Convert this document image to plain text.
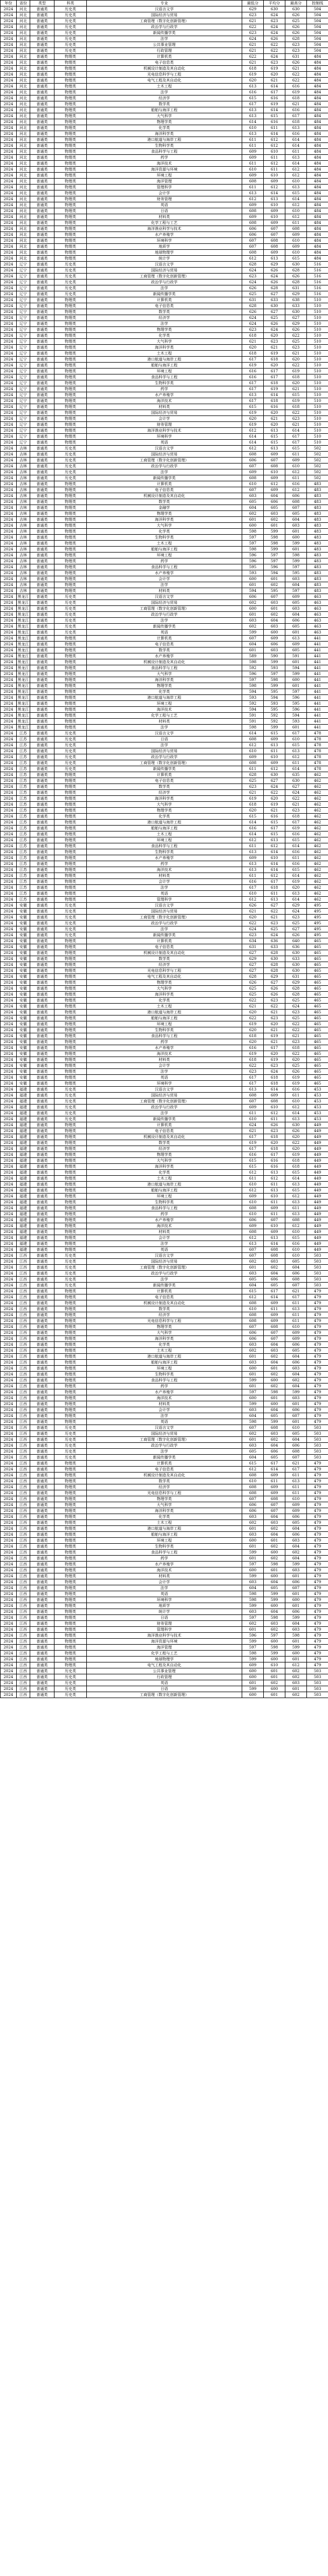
年份	省份	类型	科类	专业	最低分	平均分	最高分	控制线
2024	河北	普通类	历史类	汉语言文学	629	630	630	504
2024	河北	普通类	历史类	国际经济与贸易	623	624	626	504
2024	河北	普通类	历史类	工商管理（数字化创新管理）	621	623	625	504
2024	河北	普通类	历史类	政治学与行政学	622	624	626	504
2024	河北	普通类	历史类	新闻传播学类	623	624	626	504
2024	河北	普通类	历史类	法学	624	626	628	504
2024	河北	普通类	历史类	公共事业管理	621	622	623	504
2024	河北	普通类	历史类	行政管理	621	622	623	504
2024	河北	普通类	物理类	计算机类	622	624	631	484
2024	河北	普通类	物理类	电子信息类	621	623	626	484
2024	河北	普通类	物理类	机械设计制造及其自动化	618	619	621	484
2024	河北	普通类	物理类	光电信息科学与工程	619	620	622	484
2024	河北	普通类	物理类	电气工程及其自动化	620	621	622	484
2024	河北	普通类	物理类	土木工程	613	614	616	484
2024	河北	普通类	物理类	法学	616	617	619	484
2024	河北	普通类	物理类	经济学	615	616	618	484
2024	河北	普通类	物理类	数学类	617	619	621	484
2024	河北	普通类	物理类	船舶与海洋工程	613	614	616	484
2024	河北	普通类	物理类	大气科学	613	615	617	484
2024	河北	普通类	物理类	物理学类	614	616	618	484
2024	河北	普通类	物理类	化学类	610	611	613	484
2024	河北	普通类	物理类	海洋科学类	613	614	616	484
2024	河北	普通类	物理类	港口航道与海岸工程	611	612	614	484
2024	河北	普通类	物理类	生物科学类	611	612	614	484
2024	河北	普通类	物理类	食品科学与工程	609	610	611	484
2024	河北	普通类	物理类	药学	609	611	613	484
2024	河北	普通类	物理类	海洋技术	611	612	614	484
2024	河北	普通类	物理类	海洋资源与环境	610	611	612	484
2024	河北	普通类	物理类	环境工程	609	610	612	484
2024	河北	普通类	物理类	海洋管理	608	609	610	484
2024	河北	普通类	物理类	管理科学	611	612	613	484
2024	河北	普通类	物理类	会计学	613	614	615	484
2024	河北	普通类	物理类	财务管理	612	613	614	484
2024	河北	普通类	物理类	英语	609	610	612	484
2024	河北	普通类	物理类	日语	608	609	610	484
2024	河北	普通类	物理类	材料类	609	610	612	484
2024	河北	普通类	物理类	化学工程与工艺	608	609	611	484
2024	河北	普通类	物理类	海洋渔业科学与技术	606	607	608	484
2024	河北	普通类	物理类	水产养殖学	606	607	609	484
2024	河北	普通类	物理类	环境科学	607	608	610	484
2024	河北	普通类	物理类	地质学	607	608	609	484
2024	河北	普通类	物理类	地球物理学	608	609	610	484
2024	河北	普通类	物理类	统计学	612	613	615	484
2024	辽宁	普通类	历史类	汉语言文学	628	629	630	516
2024	辽宁	普通类	历史类	国际经济与贸易	624	626	628	516
2024	辽宁	普通类	历史类	工商管理（数字化创新管理）	623	624	626	516
2024	辽宁	普通类	历史类	政治学与行政学	624	626	628	516
2024	辽宁	普通类	历史类	法学	626	628	631	516
2024	辽宁	普通类	历史类	新闻传播学类	625	627	629	516
2024	辽宁	普通类	物理类	计算机类	631	633	638	510
2024	辽宁	普通类	物理类	电子信息类	628	630	633	510
2024	辽宁	普通类	物理类	数学类	626	627	630	510
2024	辽宁	普通类	物理类	经济学	624	625	627	510
2024	辽宁	普通类	物理类	法学	624	626	629	510
2024	辽宁	普通类	物理类	物理学类	623	624	626	510
2024	辽宁	普通类	物理类	化学类	618	620	622	510
2024	辽宁	普通类	物理类	大气科学	621	623	625	510
2024	辽宁	普通类	物理类	海洋科学类	620	621	623	510
2024	辽宁	普通类	物理类	土木工程	618	619	621	510
2024	辽宁	普通类	物理类	港口航道与海岸工程	617	618	620	510
2024	辽宁	普通类	物理类	船舶与海洋工程	619	620	622	510
2024	辽宁	普通类	物理类	环境工程	616	617	619	510
2024	辽宁	普通类	物理类	食品科学与工程	616	617	618	510
2024	辽宁	普通类	物理类	生物科学类	617	618	620	510
2024	辽宁	普通类	物理类	药学	617	619	621	510
2024	辽宁	普通类	物理类	水产养殖学	613	614	615	510
2024	辽宁	普通类	物理类	海洋技术	617	618	619	510
2024	辽宁	普通类	物理类	材料类	615	616	618	510
2024	辽宁	普通类	物理类	国际经济与贸易	619	620	622	510
2024	辽宁	普通类	物理类	会计学	620	621	623	510
2024	辽宁	普通类	物理类	财务管理	619	620	621	510
2024	辽宁	普通类	物理类	海洋渔业科学与技术	612	613	614	510
2024	辽宁	普通类	物理类	环境科学	614	615	617	510
2024	辽宁	普通类	物理类	英语	614	615	617	510
2024	吉林	普通类	历史类	汉语言文学	612	613	615	502
2024	吉林	普通类	历史类	国际经济与贸易	608	609	611	502
2024	吉林	普通类	历史类	工商管理（数字化创新管理）	606	607	609	502
2024	吉林	普通类	历史类	政治学与行政学	607	608	610	502
2024	吉林	普通类	历史类	法学	609	610	612	502
2024	吉林	普通类	历史类	新闻传播学类	608	609	611	502
2024	吉林	普通类	物理类	计算机类	610	612	616	483
2024	吉林	普通类	物理类	电子信息类	607	609	612	483
2024	吉林	普通类	物理类	机械设计制造及其自动化	603	604	606	483
2024	吉林	普通类	物理类	数学类	605	606	608	483
2024	吉林	普通类	物理类	金融学	604	605	607	483
2024	吉林	普通类	物理类	物理学类	602	603	605	483
2024	吉林	普通类	物理类	海洋科学类	601	602	604	483
2024	吉林	普通类	物理类	大气科学	600	601	603	483
2024	吉林	普通类	物理类	化学类	598	599	601	483
2024	吉林	普通类	物理类	生物科学类	597	598	600	483
2024	吉林	普通类	物理类	土木工程	597	598	599	483
2024	吉林	普通类	物理类	船舶与海洋工程	598	599	601	483
2024	吉林	普通类	物理类	环境工程	596	597	598	483
2024	吉林	普通类	物理类	药学	596	597	599	483
2024	吉林	普通类	物理类	食品科学与工程	595	596	597	483
2024	吉林	普通类	物理类	水产养殖学	593	594	595	483
2024	吉林	普通类	物理类	会计学	600	601	603	483
2024	吉林	普通类	物理类	法学	601	602	604	483
2024	吉林	普通类	物理类	材料类	594	595	597	483
2024	黑龙江	普通类	历史类	汉语言文学	606	607	609	463
2024	黑龙江	普通类	历史类	国际经济与贸易	602	603	605	463
2024	黑龙江	普通类	历史类	工商管理（数字化创新管理）	600	601	603	463
2024	黑龙江	普通类	历史类	政治学与行政学	601	602	604	463
2024	黑龙江	普通类	历史类	法学	603	604	606	463
2024	黑龙江	普通类	历史类	新闻传播学类	602	603	605	463
2024	黑龙江	普通类	历史类	英语	599	600	601	463
2024	黑龙江	普通类	物理类	计算机类	607	609	613	441
2024	黑龙江	普通类	物理类	电子信息类	604	606	609	441
2024	黑龙江	普通类	物理类	数学类	601	603	605	441
2024	黑龙江	普通类	物理类	水产养殖学	589	590	591	441
2024	黑龙江	普通类	物理类	机械设计制造及其自动化	598	599	601	441
2024	黑龙江	普通类	物理类	食品科学与工程	592	593	594	441
2024	黑龙江	普通类	物理类	大气科学	596	597	599	441
2024	黑龙江	普通类	物理类	海洋科学类	597	598	600	441
2024	黑龙江	普通类	物理类	物理学类	598	599	601	441
2024	黑龙江	普通类	物理类	化学类	594	595	597	441
2024	黑龙江	普通类	物理类	港口航道与海岸工程	593	594	596	441
2024	黑龙江	普通类	物理类	环境工程	592	593	595	441
2024	黑龙江	普通类	物理类	海洋技术	594	595	596	441
2024	黑龙江	普通类	物理类	化学工程与工艺	591	592	594	441
2024	黑龙江	普通类	物理类	材料类	591	592	593	441
2024	黑龙江	普通类	物理类	法学	598	599	601	441
2024	江苏	普通类	历史类	汉语言文学	614	615	617	478
2024	江苏	普通类	历史类	日语	608	609	610	478
2024	江苏	普通类	历史类	法学	612	613	615	478
2024	江苏	普通类	历史类	国际经济与贸易	610	611	613	478
2024	江苏	普通类	历史类	政治学与行政学	609	610	612	478
2024	江苏	普通类	历史类	工商管理（数字化创新管理）	608	609	611	478
2024	江苏	普通类	历史类	新闻传播学类	611	612	614	478
2024	江苏	普通类	物理类	计算机类	628	630	635	462
2024	江苏	普通类	物理类	电子信息类	625	627	630	462
2024	江苏	普通类	物理类	数学类	623	624	627	462
2024	江苏	普通类	物理类	经济学	621	622	624	462
2024	江苏	普通类	物理类	海洋科学类	619	620	622	462
2024	江苏	普通类	物理类	大气科学	618	619	621	462
2024	江苏	普通类	物理类	物理学类	620	621	623	462
2024	江苏	普通类	物理类	化学类	615	616	618	462
2024	江苏	普通类	物理类	港口航道与海岸工程	614	615	617	462
2024	江苏	普通类	物理类	船舶与海洋工程	616	617	619	462
2024	江苏	普通类	物理类	土木工程	614	615	616	462
2024	江苏	普通类	物理类	环境工程	612	613	615	462
2024	江苏	普通类	物理类	食品科学与工程	611	612	614	462
2024	江苏	普通类	物理类	生物科学类	613	614	616	462
2024	江苏	普通类	物理类	水产养殖学	609	610	611	462
2024	江苏	普通类	物理类	药学	613	614	616	462
2024	江苏	普通类	物理类	海洋技术	613	614	615	462
2024	江苏	普通类	物理类	材料类	611	612	614	462
2024	江苏	普通类	物理类	会计学	616	617	619	462
2024	江苏	普通类	物理类	法学	617	618	620	462
2024	江苏	普通类	物理类	英语	610	611	613	462
2024	江苏	普通类	物理类	管理科学	612	613	614	462
2024	安徽	普通类	历史类	汉语言文学	626	627	629	495
2024	安徽	普通类	历史类	国际经济与贸易	621	622	624	495
2024	安徽	普通类	历史类	工商管理（数字化创新管理）	620	621	623	495
2024	安徽	普通类	历史类	政治学与行政学	622	623	625	495
2024	安徽	普通类	历史类	法学	624	625	627	495
2024	安徽	普通类	历史类	新闻传播学类	623	624	626	495
2024	安徽	普通类	物理类	计算机类	634	636	640	465
2024	安徽	普通类	物理类	电子信息类	631	633	636	465
2024	安徽	普通类	物理类	机械设计制造及其自动化	627	628	630	465
2024	安徽	普通类	物理类	数学类	629	630	633	465
2024	安徽	普通类	物理类	经济学	627	628	630	465
2024	安徽	普通类	物理类	光电信息科学与工程	627	628	630	465
2024	安徽	普通类	物理类	电气工程及其自动化	628	629	631	465
2024	安徽	普通类	物理类	物理学类	626	627	629	465
2024	安徽	普通类	物理类	大气科学	625	626	628	465
2024	安徽	普通类	物理类	海洋科学类	625	626	628	465
2024	安徽	普通类	物理类	化学类	622	623	625	465
2024	安徽	普通类	物理类	土木工程	621	622	624	465
2024	安徽	普通类	物理类	港口航道与海岸工程	620	621	623	465
2024	安徽	普通类	物理类	船舶与海洋工程	622	623	625	465
2024	安徽	普通类	物理类	环境工程	619	620	622	465
2024	安徽	普通类	物理类	生物科学类	620	621	622	465
2024	安徽	普通类	物理类	食品科学与工程	618	619	621	465
2024	安徽	普通类	物理类	药学	620	621	623	465
2024	安徽	普通类	物理类	水产养殖学	616	617	618	465
2024	安徽	普通类	物理类	海洋技术	619	620	622	465
2024	安徽	普通类	物理类	材料类	618	619	620	465
2024	安徽	普通类	物理类	会计学	622	623	625	465
2024	安徽	普通类	物理类	法学	623	624	626	465
2024	安徽	普通类	物理类	英语	617	618	619	465
2024	安徽	普通类	物理类	环境科学	617	618	619	465
2024	福建	普通类	历史类	汉语言文学	613	614	616	453
2024	福建	普通类	历史类	国际经济与贸易	608	609	611	453
2024	福建	普通类	历史类	工商管理（数字化创新管理）	607	608	610	453
2024	福建	普通类	历史类	政治学与行政学	609	610	612	453
2024	福建	普通类	历史类	法学	611	612	614	453
2024	福建	普通类	历史类	新闻传播学类	610	611	613	453
2024	福建	普通类	物理类	计算机类	624	626	630	449
2024	福建	普通类	物理类	电子信息类	621	623	626	449
2024	福建	普通类	物理类	机械设计制造及其自动化	617	618	620	449
2024	福建	普通类	物理类	数学类	619	620	622	449
2024	福建	普通类	物理类	经济学	617	618	620	449
2024	福建	普通类	物理类	物理学类	616	617	619	449
2024	福建	普通类	物理类	大气科学	615	616	618	449
2024	福建	普通类	物理类	海洋科学类	615	616	618	449
2024	福建	普通类	物理类	化学类	612	613	615	449
2024	福建	普通类	物理类	土木工程	611	612	614	449
2024	福建	普通类	物理类	港口航道与海岸工程	610	611	613	449
2024	福建	普通类	物理类	船舶与海洋工程	612	613	615	449
2024	福建	普通类	物理类	环境工程	609	610	612	449
2024	福建	普通类	物理类	生物科学类	610	611	613	449
2024	福建	普通类	物理类	食品科学与工程	608	609	611	449
2024	福建	普通类	物理类	药学	610	611	613	449
2024	福建	普通类	物理类	水产养殖学	606	607	608	449
2024	福建	普通类	物理类	海洋技术	609	610	612	449
2024	福建	普通类	物理类	材料类	608	609	610	449
2024	福建	普通类	物理类	会计学	612	613	615	449
2024	福建	普通类	物理类	法学	613	614	616	449
2024	福建	普通类	物理类	英语	607	608	610	449
2024	江西	普通类	历史类	汉语言文学	607	608	610	503
2024	江西	普通类	历史类	国际经济与贸易	602	603	605	503
2024	江西	普通类	历史类	工商管理（数字化创新管理）	601	602	604	503
2024	江西	普通类	历史类	政治学与行政学	603	604	606	503
2024	江西	普通类	历史类	法学	605	606	608	503
2024	江西	普通类	历史类	新闻传播学类	604	605	607	503
2024	江西	普通类	物理类	计算机类	615	617	621	479
2024	江西	普通类	物理类	电子信息类	612	614	617	479
2024	江西	普通类	物理类	机械设计制造及其自动化	608	609	611	479
2024	江西	普通类	物理类	数学类	610	611	613	479
2024	江西	普通类	物理类	经济学	608	609	611	479
2024	江西	普通类	物理类	光电信息科学与工程	608	609	611	479
2024	江西	普通类	物理类	物理学类	607	608	610	479
2024	江西	普通类	物理类	大气科学	606	607	609	479
2024	江西	普通类	物理类	海洋科学类	606	607	609	479
2024	江西	普通类	物理类	化学类	603	604	606	479
2024	江西	普通类	物理类	土木工程	602	603	605	479
2024	江西	普通类	物理类	港口航道与海岸工程	601	602	604	479
2024	江西	普通类	物理类	船舶与海洋工程	603	604	606	479
2024	江西	普通类	物理类	环境工程	600	601	603	479
2024	江西	普通类	物理类	生物科学类	601	602	604	479
2024	江西	普通类	物理类	食品科学与工程	599	600	602	479
2024	江西	普通类	物理类	药学	601	602	604	479
2024	江西	普通类	物理类	水产养殖学	597	598	599	479
2024	江西	普通类	物理类	海洋技术	600	601	603	479
2024	江西	普通类	物理类	材料类	599	600	601	479
2024	江西	普通类	物理类	会计学	603	604	606	479
2024	江西	普通类	物理类	法学	604	605	607	479
2024	江西	普通类	物理类	英语	598	599	601	479
2024	江西	普通类	历史类	汉语言文学	607	608	610	503
2024	江西	普通类	历史类	国际经济与贸易	602	603	605	503
2024	江西	普通类	历史类	工商管理（数字化创新管理）	601	602	604	503
2024	江西	普通类	历史类	政治学与行政学	603	604	606	503
2024	江西	普通类	历史类	法学	605	606	608	503
2024	江西	普通类	历史类	新闻传播学类	604	605	607	503
2024	江西	普通类	物理类	计算机类	615	617	621	479
2024	江西	普通类	物理类	电子信息类	612	614	617	479
2024	江西	普通类	物理类	机械设计制造及其自动化	608	609	611	479
2024	江西	普通类	物理类	数学类	610	611	613	479
2024	江西	普通类	物理类	经济学	608	609	611	479
2024	江西	普通类	物理类	光电信息科学与工程	608	609	611	479
2024	江西	普通类	物理类	物理学类	607	608	610	479
2024	江西	普通类	物理类	大气科学	606	607	609	479
2024	江西	普通类	物理类	海洋科学类	606	607	609	479
2024	江西	普通类	物理类	化学类	603	604	606	479
2024	江西	普通类	物理类	土木工程	602	603	605	479
2024	江西	普通类	物理类	港口航道与海岸工程	601	602	604	479
2024	江西	普通类	物理类	船舶与海洋工程	603	604	606	479
2024	江西	普通类	物理类	环境工程	600	601	603	479
2024	江西	普通类	物理类	生物科学类	601	602	604	479
2024	江西	普通类	物理类	食品科学与工程	599	600	602	479
2024	江西	普通类	物理类	药学	601	602	604	479
2024	江西	普通类	物理类	水产养殖学	597	598	599	479
2024	江西	普通类	物理类	海洋技术	600	601	603	479
2024	江西	普通类	物理类	材料类	599	600	601	479
2024	江西	普通类	物理类	会计学	603	604	606	479
2024	江西	普通类	物理类	法学	604	605	607	479
2024	江西	普通类	物理类	英语	598	599	601	479
2024	江西	普通类	物理类	环境科学	598	599	600	479
2024	江西	普通类	物理类	地质学	599	600	601	479
2024	江西	普通类	物理类	统计学	603	604	606	479
2024	江西	普通类	物理类	日语	597	598	599	479
2024	江西	普通类	物理类	财务管理	602	603	604	479
2024	江西	普通类	物理类	管理科学	601	602	603	479
2024	江西	普通类	物理类	海洋渔业科学与技术	596	597	598	479
2024	江西	普通类	物理类	海洋资源与环境	599	600	601	479
2024	江西	普通类	物理类	海洋管理	597	598	599	479
2024	江西	普通类	物理类	化学工程与工艺	598	599	600	479
2024	江西	普通类	物理类	地球物理学	599	600	601	479
2024	江西	普通类	物理类	电气工程及其自动化	609	610	612	479
2024	江西	普通类	历史类	公共事业管理	600	601	602	503
2024	江西	普通类	历史类	行政管理	600	601	602	503
2024	江西	普通类	历史类	英语	601	602	603	503
2024	江西	普通类	历史类	日语	599	600	601	503
2024	江西	普通类	历史类	工商管理（数字化创新管理）	600	601	602	503
